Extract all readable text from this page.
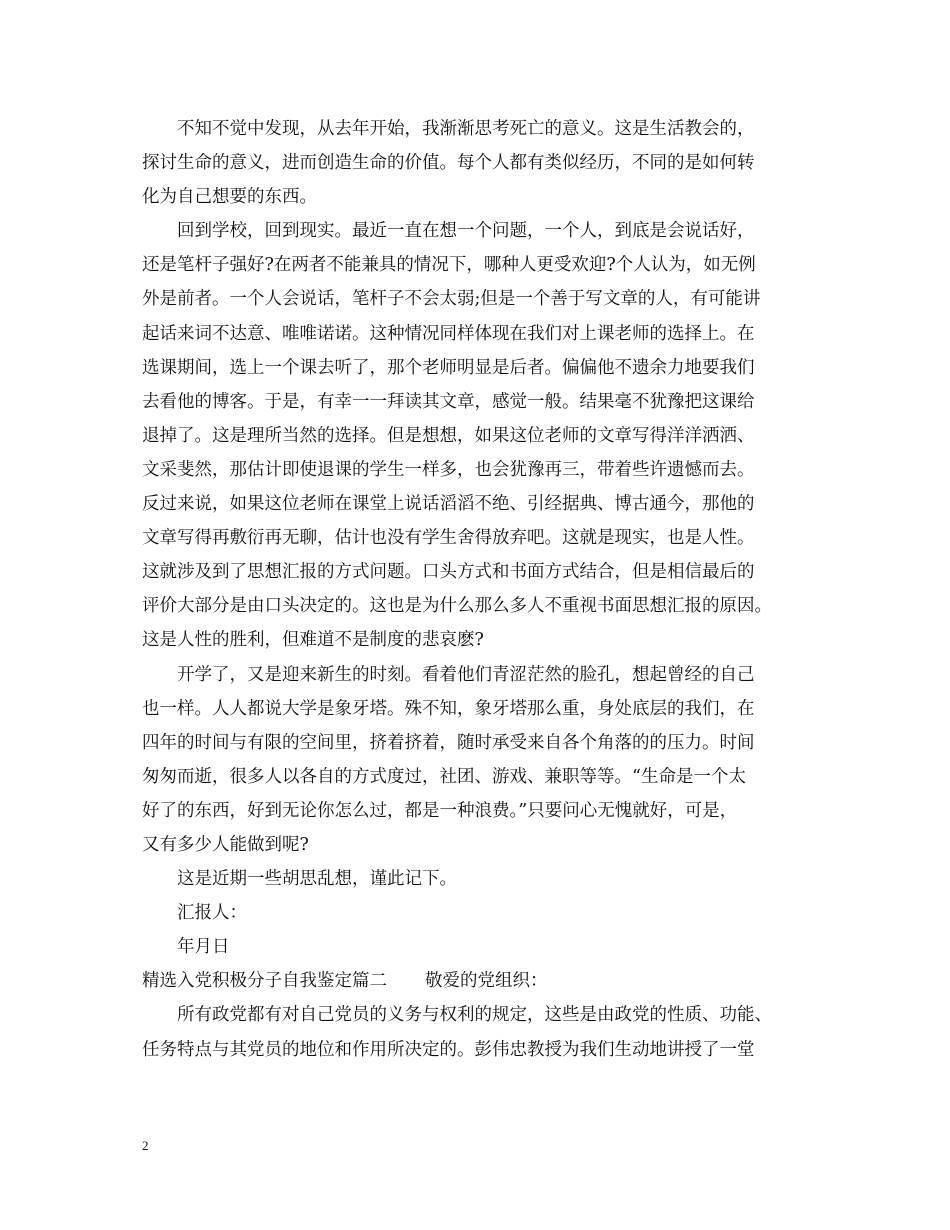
不知不觉中发现，从去年开始，我渐渐思考死亡的意义。这是生活教会的，
探讨生命的意义，进而创造生命的价值。每个人都有类似经历，不同的是如何转
化为自己想要的东西。
回到学校，回到现实。最近一直在想一个问题，一个人，到底是会说话好，
还是笔杆子强好?在两者不能兼具的情况下，哪种人更受欢迎?个人认为，如无例
外是前者。一个人会说话，笔杆子不会太弱;但是一个善于写文章的人，有可能讲
起话来词不达意、唯唯诺诺。这种情况同样体现在我们对上课老师的选择上。在
选课期间，选上一个课去听了，那个老师明显是后者。偏偏他不遗余力地要我们
去看他的博客。于是，有幸一一拜读其文章，感觉一般。结果毫不犹豫把这课给
退掉了。这是理所当然的选择。但是想想，如果这位老师的文章写得洋洋洒洒、
文采斐然，那估计即使退课的学生一样多，也会犹豫再三，带着些许遗憾而去。
反过来说，如果这位老师在课堂上说话滔滔不绝、引经据典、博古通今，那他的
文章写得再敷衍再无聊，估计也没有学生舍得放弃吧。这就是现实，也是人性。
这就涉及到了思想汇报的方式问题。口头方式和书面方式结合，但是相信最后的
评价大部分是由口头决定的。这也是为什么那么多人不重视书面思想汇报的原因。
这是人性的胜利，但难道不是制度的悲哀麽?
开学了，又是迎来新生的时刻。看着他们青涩茫然的脸孔，想起曾经的自己
也一样。人人都说大学是象牙塔。殊不知，象牙塔那么重，身处底层的我们，在
四年的时间与有限的空间里，挤着挤着，随时承受来自各个角落的的压力。时间
匆匆而逝，很多人以各自的方式度过，社团、游戏、兼职等等。“生命是一个太
好了的东西，好到无论你怎么过，都是一种浪费。”只要问心无愧就好，可是，
又有多少人能做到呢?
这是近期一些胡思乱想，谨此记下。
汇报人：
年月日
精选入党积极分子自我鉴定篇二 敬爱的党组织：
所有政党都有对自己党员的义务与权利的规定，这些是由政党的性质、功能、
任务特点与其党员的地位和作用所决定的。彭伟忠教授为我们生动地讲授了一堂
2
